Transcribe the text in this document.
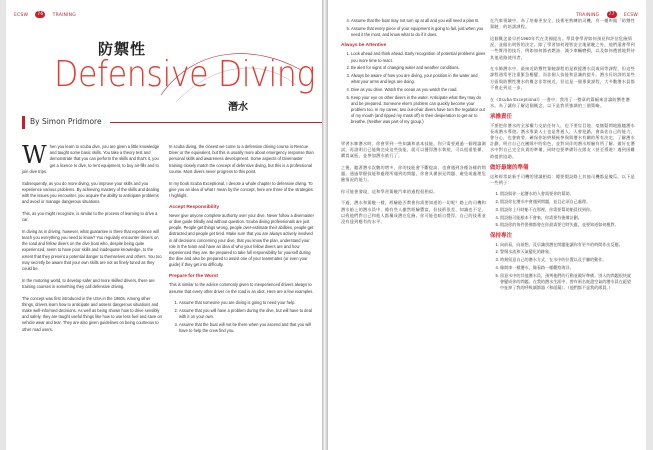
ECSW 76 TRAINING
防禦性
Defensive Diving
潛水
By Simon Pridmore

When you learn to scuba dive, you are given a little knowledge and taught some basic skills. You take a theory test and demonstrate that you can perform the skills and that's it, you get a licence to dive, to rent equipment, to buy air-fills and to join dive trips.

Subsequently, as you do more diving, you improve your skills and you experience various problems. By achieving mastery of the skills and dealing with the issues you encounter, you acquire the ability to anticipate problems and avoid or manage dangerous situations.

This, as you might recognize, is similar to the process of learning to drive a car.

In diving as in driving, however, what guarantee is there that experience will teach you everything you need to know? You regularly encounter drivers on the road and fellow divers on the dive boat who, despite being quite experienced, seem to have poor skills and inadequate knowledge, to the extent that they present a potential danger to themselves and others. You too may secretly be aware that your own skills are not as finely tuned as they could be.

In the motoring world, to develop safer and more skilled drivers, there are training courses in something they call defensive driving.

The concept was first introduced in the USA in the 1960s. Among other things, drivers learn how to anticipate and assess dangerous situations and make well-informed decisions. As well as being shown how to drive sensibly and safely, they are taught useful things like how to use less fuel and save on vehicle wear and tear. They are also given guidelines on being courteous to other road users.

In scuba diving, the closest we come to a defensive driving course is Rescue Diver or the equivalent, but this is usually more about emergency response than personal skills and awareness development. Some aspects of Divemaster training closely match the concept of defensive diving, but this is a professional course. Most divers never progress to this point.

In my book Scuba Exceptional, I devote a whole chapter to defensive diving. To give you an idea of what I mean by the concept, here are three of the strategies I highlight.

Accept Responsibility

Never give anyone complete authority over your dive. Never follow a divemaster or dive guide blindly and without question. Scuba diving professionals are just people. People get things wrong, people over-estimate their abilities, people get distracted and people get tired. Make sure that you are always actively involved in all decisions concerning your dive, that you know the plan, understand your role in the team and have an idea of who your fellow divers are and how experienced they are. Be prepared to take full responsibility for yourself during the dive and also be prepared to assist one of your teammates (or even your guide) if they get into difficulty.

Prepare for the Worst

This is similar to the advice commonly given to inexperienced drivers always to assume that every other driver on the road is an idiot. Here are a few examples.

1. Assume that someone you are diving is going to need your help.
2. Assume that you will have a problem during the dive, but will have to deal with it on your own.
3. Assume that the boat will not be there when you ascend and that you will have to help the crew find you.
TRAINING 77 ECSW
4. Assume that the boat may not turn up at all and you will need a plan B.
5. Assume that every piece of your equipment is going to fail, just when you need it the most, and know what to do if it does.
Always be Attentive
1. Look ahead and think ahead. Early recognition of potential problems gives you more time to react.
2. Be alert for signs of changing water and weather conditions.
3. Always be aware of how you are diving, your position in the water and what your arms and legs are doing.
4. Dive as you drive. Watch the ocean as you watch the road.
5. Keep your eye on other divers in the water. Anticipate what they may do and be prepared. Someone else's problem can quickly become your problem too. In my career, two out-of-air divers have torn the regulator out of my mouth (and ripped my mask off) in their desperation to get air to breathe. (Neither was part of my group.)

學習水肺潛水時，你會學到一些知識和基本技能。你只需要通過一個理論測試，再證明自己能夠完成這些技能，就可以獲得潛水執照，可以租借裝備、購買氣瓶，並參加潛水旅行了。

之後，隨著潛水次數的增多，你的技能會不斷提高，也會遇到各種各樣的問題。通過掌握技能和處理所遇到的問題，你會具備預見問題、避免或處理危險情況的能力。

你可能會發現，這和學習駕駛汽車的過程很相似。

不過，潛水和駕駛一樣，經驗能否教會你需要知道的一切呢？路上的司機和潛水船上的潛水員中，總有些人雖然經驗豐富，但技術很差、知識也不足，以致他們對自己和他人都構成潛在危險。你可能也暗自覺得，自己的技術並沒有達到應有的水平。

在汽車領域中，為了培養更安全、技術更熟練的司機，有一種叫做「防禦性駕駛」的培訓課程。

這個概念最早於1960年代在美國提出。學員會學習如何預見和評估危險情況，並做出明智的決定。除了學習如何理智安全地駕駛之外，他們還會學到一些實用的技巧，例如如何節省燃油、減少車輛磨損，以及如何禮貌地對待其他道路使用者。

在水肺潛水中，最接近防禦性駕駛課程的是救援潛水員或同等課程，但這些課程通常更注重緊急應變，而非個人技能和意識的提升。潛水長培訓的某些方面與防禦性潛水的概念非常接近，但這是一個專業課程，大多數潛水員都不會走到這一步。

在《Scuba Exceptional》一書中，我用了一整章的篇幅來討論防禦性潛水。為了讓你了解這個概念，以下是我所強調的三個策略。

承擔責任

不要把你潛水的全部權力交給任何人，也不要盲目地、毫無疑問地跟隨潛水長或潛水導遊。潛水專業人士也是普通人，人會犯錯，會高估自己的能力，會分心，也會疲勞。確保你始終積極參與與潛水有關的所有決定，了解潛水計劃，明白自己在團隊中的角色，並對同伴的潛水經驗有所了解。做好在潛水中對自己完全負責的準備，同時也要準備好在隊友（甚至導遊）遇到困難時提供協助。

做好最壞的準備

這和經常給新手司機的建議相似：總要假設路上其他司機都是傻瓜。以下是一些例子：

1. 假設與你一起潛水的人會需要你的幫助。
2. 假設你在潛水中會遇到問題，並且必須自己處理。
3. 假設你上升時船不在那裡，你需要幫助船員找到你。
4. 假設船可能根本不會來，你需要有後備計劃。
5. 假設你的每件裝備都會在你最需要它時失靈，並要知道如何應對。
保持專注
1. 向前看，向前想。及早識別潛在問題能讓你有更多的時間作出反應。
2. 警惕水流和天氣變化的跡象。
3. 時刻留意自己的潛水方式、在水中的位置以及手腳的動作。
4. 像開車一樣潛水，像看路一樣觀察海洋。
5. 留意水中的其他潛水員，預判他們的行動並做好準備。別人的問題很快就會變成你的問題。在我的潛水生涯中，曾有兩名耗盡空氣的潛水員在絕望中扯掉了我的呼吸調節器（和面鏡）。（他們都不是我的隊員。）
